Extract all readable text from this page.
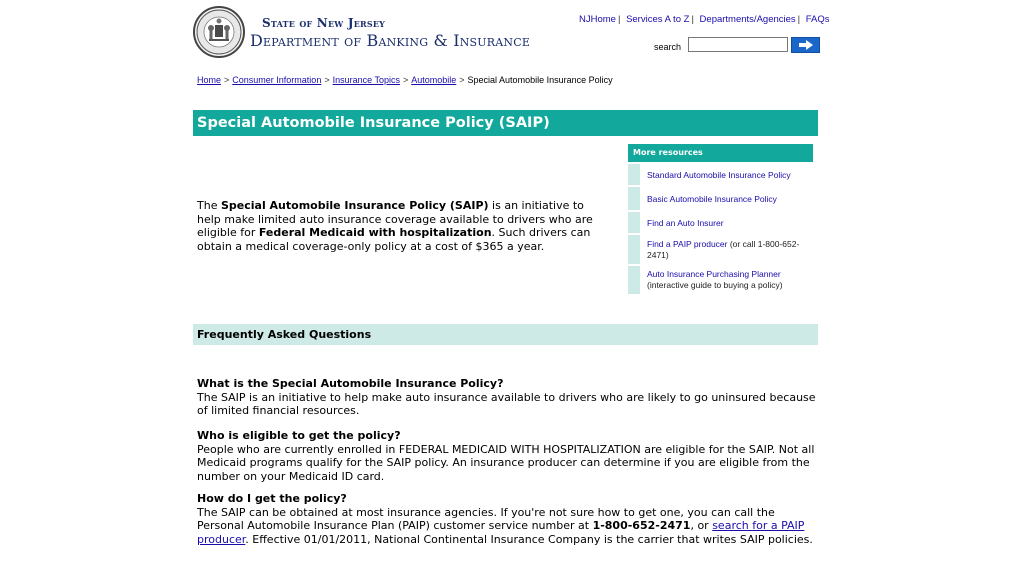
State of New Jersey
Department of Banking & Insurance
NJHome | Services A to Z | Departments/Agencies | FAQs
search
Home > Consumer Information > Insurance Topics > Automobile > Special Automobile Insurance Policy
Special Automobile Insurance Policy (SAIP)
The Special Automobile Insurance Policy (SAIP) is an initiative to help make limited auto insurance coverage available to drivers who are eligible for Federal Medicaid with hospitalization. Such drivers can obtain a medical coverage-only policy at a cost of $365 a year.
More resources
Standard Automobile Insurance Policy
Basic Automobile Insurance Policy
Find an Auto Insurer
Find a PAIP producer (or call 1-800-652-2471)
Auto Insurance Purchasing Planner
(interactive guide to buying a policy)
Frequently Asked Questions
What is the Special Automobile Insurance Policy?
The SAIP is an initiative to help make auto insurance available to drivers who are likely to go uninsured because of limited financial resources.
Who is eligible to get the policy?
People who are currently enrolled in FEDERAL MEDICAID WITH HOSPITALIZATION are eligible for the SAIP. Not all Medicaid programs qualify for the SAIP policy. An insurance producer can determine if you are eligible from the number on your Medicaid ID card.
How do I get the policy?
The SAIP can be obtained at most insurance agencies. If you're not sure how to get one, you can call the Personal Automobile Insurance Plan (PAIP) customer service number at 1-800-652-2471, or search for a PAIP producer. Effective 01/01/2011, National Continental Insurance Company is the carrier that writes SAIP policies.
